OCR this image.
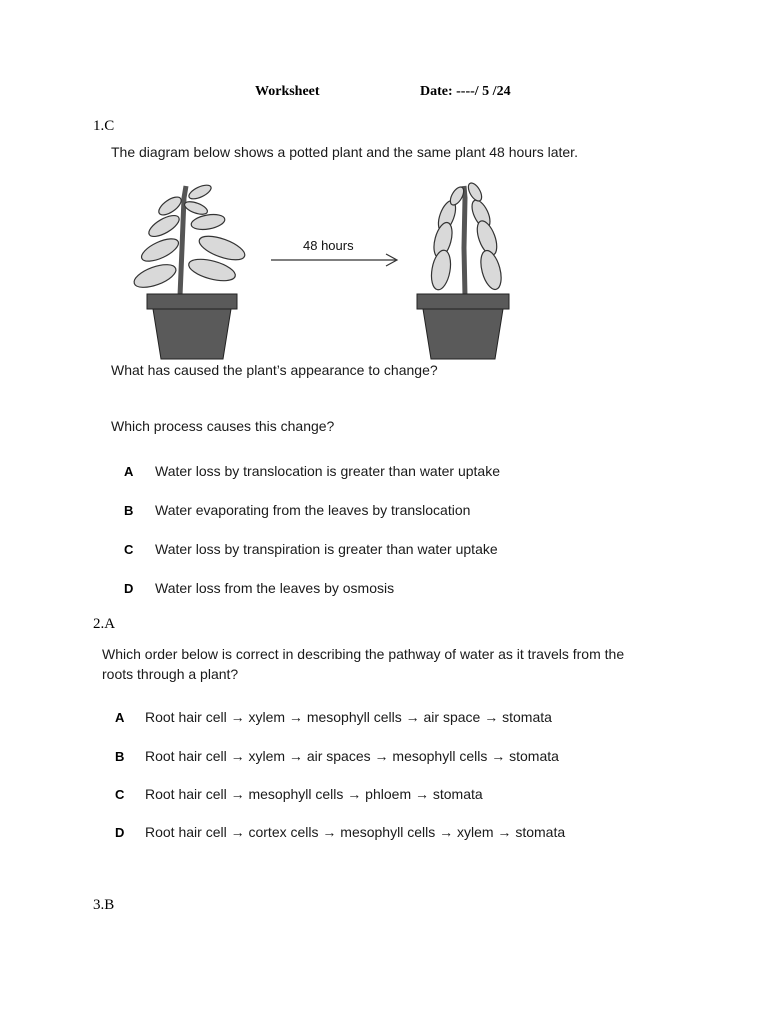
Worksheet	Date: ----/ 5 /24
1.C
The diagram below shows a potted plant and the same plant 48 hours later.
48 hours
What has caused the plant’s appearance to change?
Which process causes this change?
A Water loss by translocation is greater than water uptake
B Water evaporating from the leaves by translocation
C Water loss by transpiration is greater than water uptake
D Water loss from the leaves by osmosis
2.A
Which order below is correct in describing the pathway of water as it travels from the
roots through a plant?
A Root hair cell → xylem → mesophyll cells → air space → stomata
B Root hair cell → xylem → air spaces → mesophyll cells → stomata
C Root hair cell → mesophyll cells → phloem → stomata
D Root hair cell → cortex cells → mesophyll cells → xylem → stomata
3.B
